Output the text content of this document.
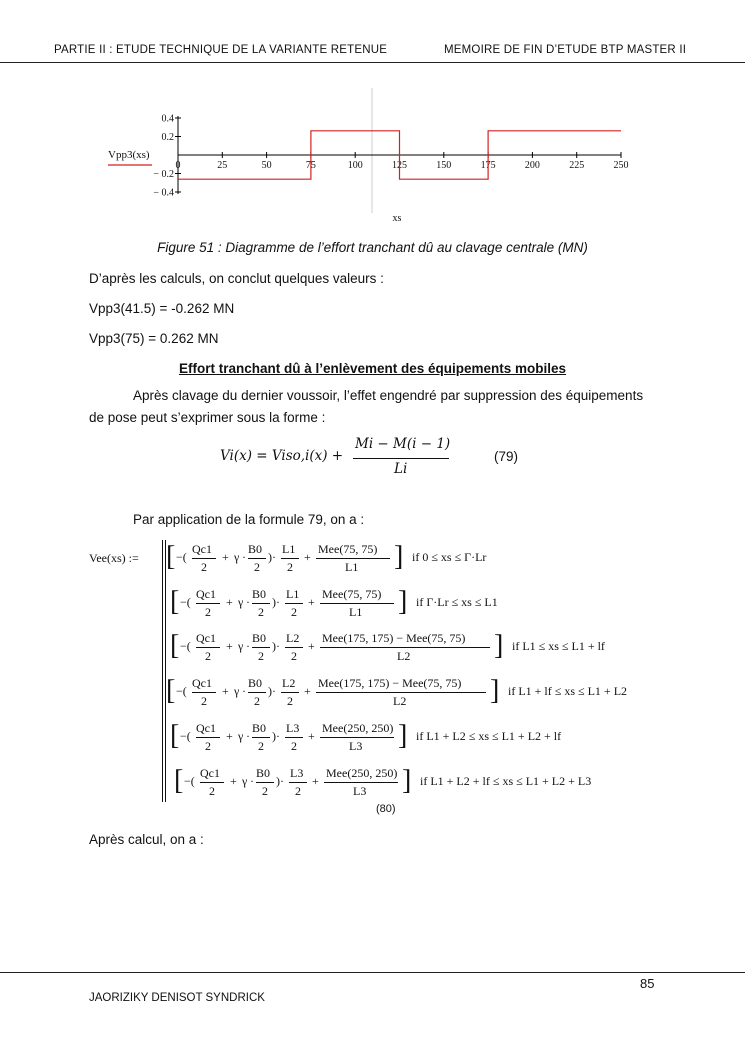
PARTIE II : ETUDE TECHNIQUE DE LA VARIANTE RETENUE	MEMOIRE DE FIN D’ETUDE BTP MASTER II
0	25	50	75	100	125	150	175	200	225	250
0.4
0.2
− 0.2
− 0.4
Vpp3(xs)
xs
Figure 51 : Diagramme de l’effort tranchant dû au clavage centrale (MN)
D’après les calculs, on conclut quelques valeurs :
Vpp3(41.5) = -0.262 MN
Vpp3(75) = 0.262 MN
Effort tranchant dû à l’enlèvement des équipements mobiles
Après clavage du dernier voussoir, l’effet engendré par suppression des équipements de pose peut s’exprimer sous la forme :
Vi(x) = Viso,i(x) +
Mi − M(i − 1)
Li
(79)
Par application de la formule 79, on a :
Vee(xs) := [ −(
Qc1
2
+ γ ·
B0
2
)·
L1
2
+
Mee(75, 75)
L1 ] if 0 ≤ xs ≤ Γ·Lr
[ −(
Qc1
2
+ γ ·
B0
2
)·
L1
2
+
Mee(75, 75)
L1 ] if Γ·Lr ≤ xs ≤ L1
[ −(
Qc1
2
+ γ ·
B0
2
)·
L2
2
+
Mee(175, 175) − Mee(75, 75)
L2	] if L1 ≤ xs ≤ L1 + lf
[ −(
Qc1
2
+ γ ·
B0
2
)·
L2
2
+
Mee(175, 175) − Mee(75, 75)
L2	] if L1 + lf ≤ xs ≤ L1 + L2
[ −(
Qc1
2
+ γ ·
B0
2
)·
L3
2
+
Mee(250, 250)
L3 ] if L1 + L2 ≤ xs ≤ L1 + L2 + lf
[ −(
Qc1
2
+ γ ·
B0
2
)·
L3
2
+
Mee(250, 250)
L3 ] if L1 + L2 + lf ≤ xs ≤ L1 + L2 + L3
(80)
Après calcul, on a :
85
JAORIZIKY DENISOT SYNDRICK
